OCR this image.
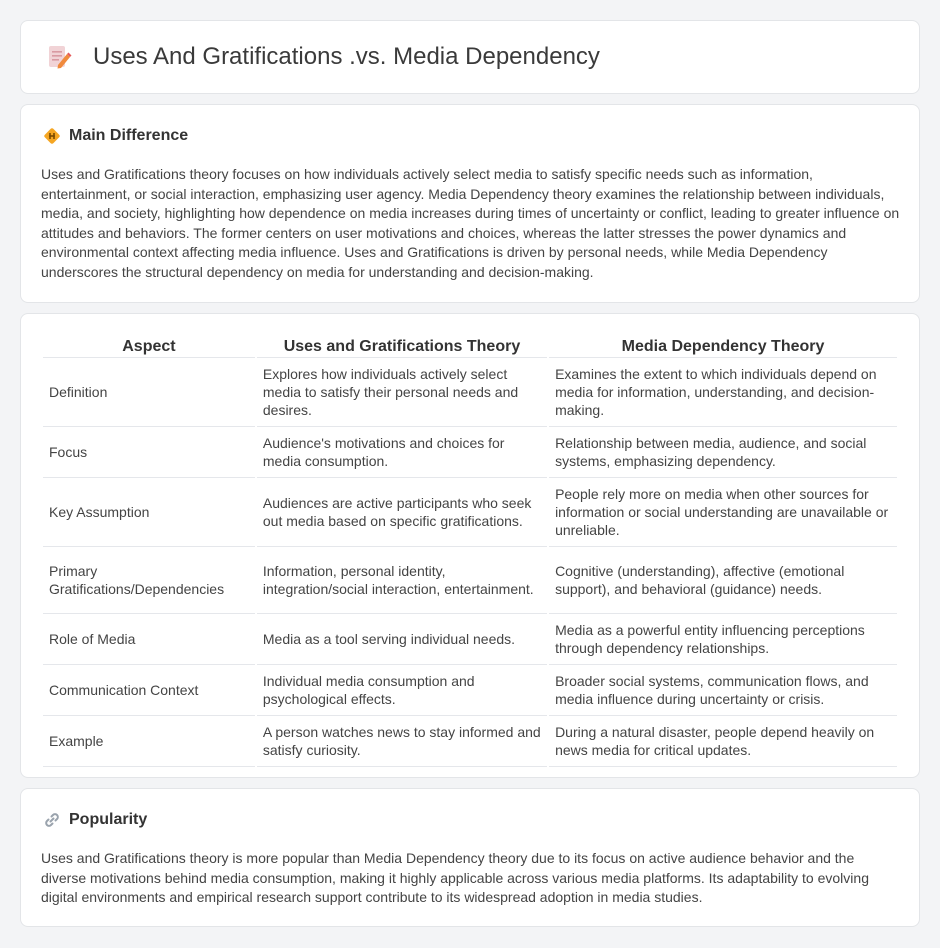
Uses And Gratifications .vs. Media Dependency
Main Difference

Uses and Gratifications theory focuses on how individuals actively select media to satisfy specific needs such as information, entertainment, or social interaction, emphasizing user agency. Media Dependency theory examines the relationship between individuals, media, and society, highlighting how dependence on media increases during times of uncertainty or conflict, leading to greater influence on attitudes and behaviors. The former centers on user motivations and choices, whereas the latter stresses the power dynamics and environmental context affecting media influence. Uses and Gratifications is driven by personal needs, while Media Dependency underscores the structural dependency on media for understanding and decision-making.

Aspect	Uses and Gratifications Theory	Media Dependency Theory
Definition	Explores how individuals actively select media to satisfy their personal needs and desires.	Examines the extent to which individuals depend on media for information, understanding, and decision-making.
Focus	Audience's motivations and choices for media consumption.	Relationship between media, audience, and social systems, emphasizing dependency.
Key Assumption	Audiences are active participants who seek out media based on specific gratifications.	People rely more on media when other sources for information or social understanding are unavailable or unreliable.
Primary Gratifications/Dependencies	Information, personal identity, integration/social interaction, entertainment.	Cognitive (understanding), affective (emotional support), and behavioral (guidance) needs.
Role of Media	Media as a tool serving individual needs.	Media as a powerful entity influencing perceptions through dependency relationships.
Communication Context	Individual media consumption and psychological effects.	Broader social systems, communication flows, and media influence during uncertainty or crisis.
Example	A person watches news to stay informed and satisfy curiosity.	During a natural disaster, people depend heavily on news media for critical updates.
Popularity

Uses and Gratifications theory is more popular than Media Dependency theory due to its focus on active audience behavior and the diverse motivations behind media consumption, making it highly applicable across various media platforms. Its adaptability to evolving digital environments and empirical research support contribute to its widespread adoption in media studies.
